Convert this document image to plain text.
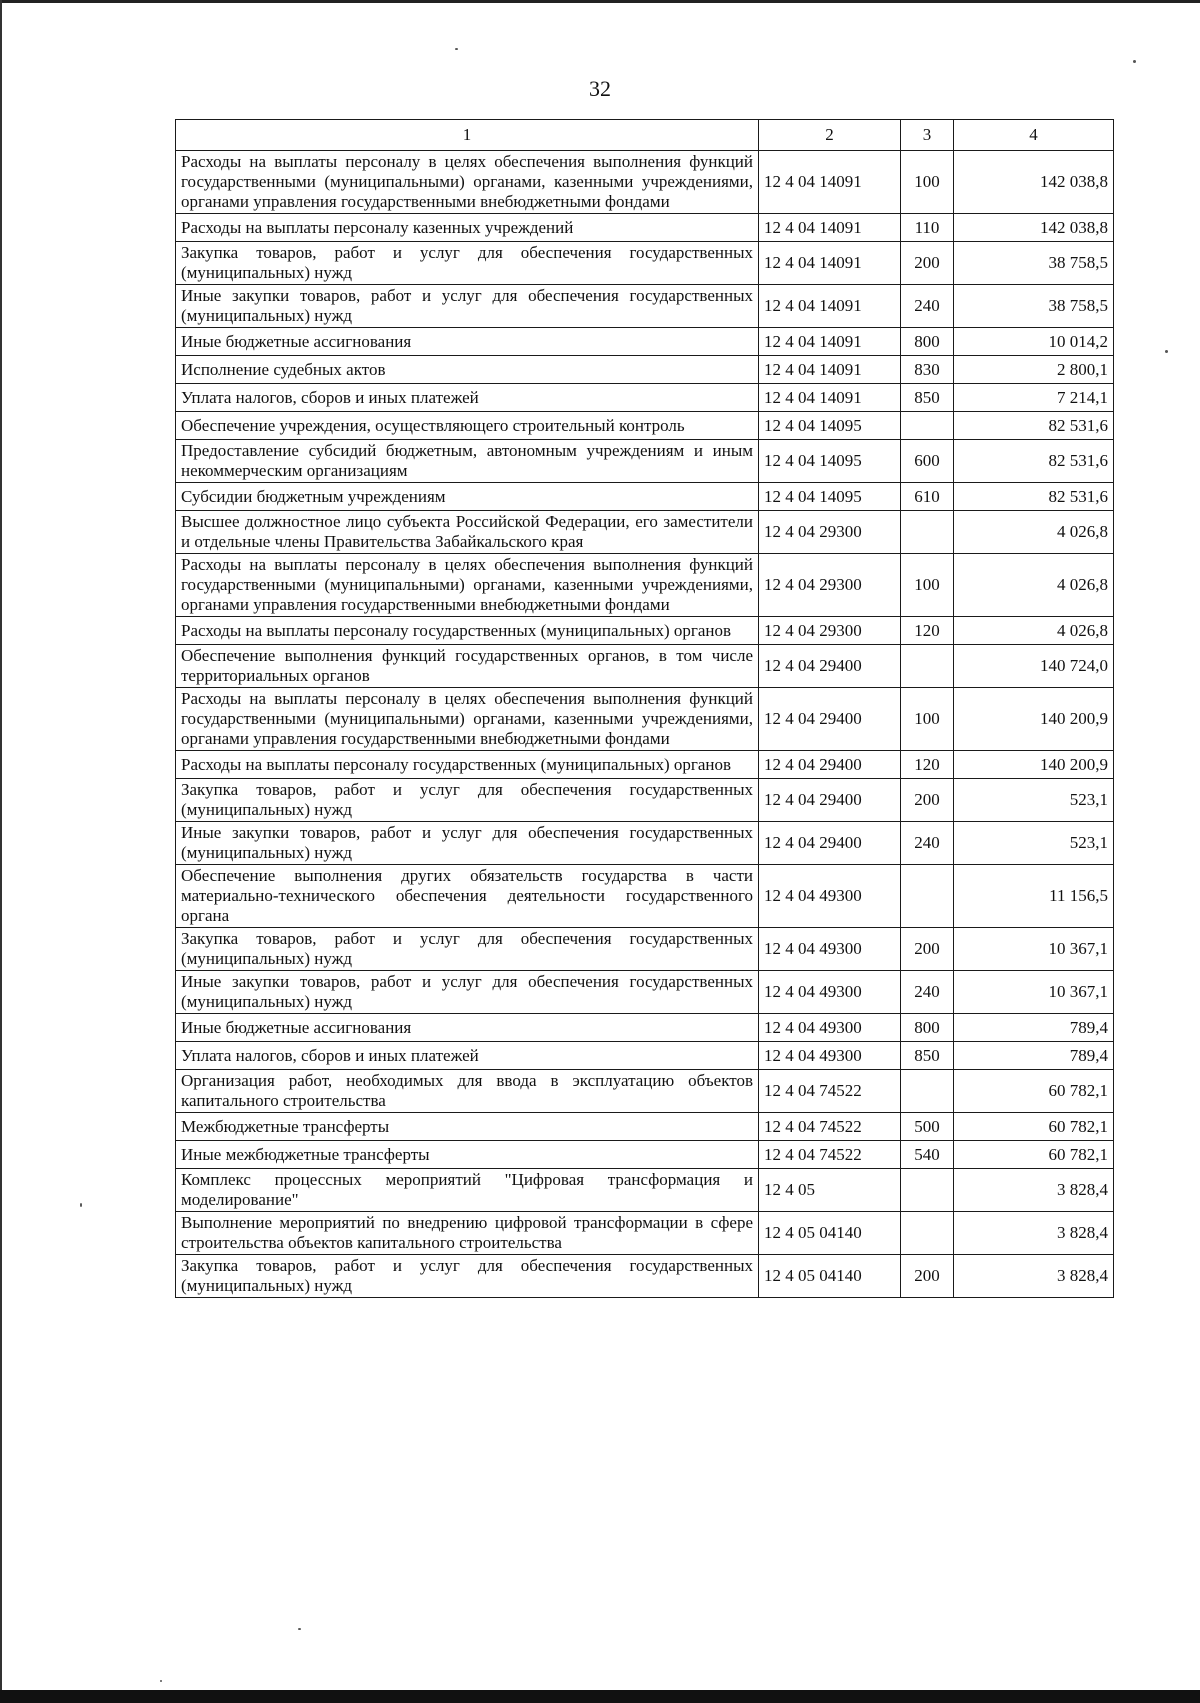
32
1	2	3	4
Расходы на выплаты персоналу в целях обеспечения выполнения функций государственными (муниципальными) органами, казенными учреждениями, органами управления государственными внебюджетными фондами	12 4 04 14091	100	142 038,8
Расходы на выплаты персоналу казенных учреждений	12 4 04 14091	110	142 038,8
Закупка товаров, работ и услуг для обеспечения государственных (муниципальных) нужд	12 4 04 14091	200	38 758,5
Иные закупки товаров, работ и услуг для обеспечения государственных (муниципальных) нужд	12 4 04 14091	240	38 758,5
Иные бюджетные ассигнования	12 4 04 14091	800	10 014,2
Исполнение судебных актов	12 4 04 14091	830	2 800,1
Уплата налогов, сборов и иных платежей	12 4 04 14091	850	7 214,1
Обеспечение учреждения, осуществляющего строительный контроль	12 4 04 14095		82 531,6
Предоставление субсидий бюджетным, автономным учреждениям и иным некоммерческим организациям	12 4 04 14095	600	82 531,6
Субсидии бюджетным учреждениям	12 4 04 14095	610	82 531,6
Высшее должностное лицо субъекта Российской Федерации, его заместители и отдельные члены Правительства Забайкальского края	12 4 04 29300		4 026,8
Расходы на выплаты персоналу в целях обеспечения выполнения функций государственными (муниципальными) органами, казенными учреждениями, органами управления государственными внебюджетными фондами	12 4 04 29300	100	4 026,8
Расходы на выплаты персоналу государственных (муниципальных) органов	12 4 04 29300	120	4 026,8
Обеспечение выполнения функций государственных органов, в том числе территориальных органов	12 4 04 29400		140 724,0
Расходы на выплаты персоналу в целях обеспечения выполнения функций государственными (муниципальными) органами, казенными учреждениями, органами управления государственными внебюджетными фондами	12 4 04 29400	100	140 200,9
Расходы на выплаты персоналу государственных (муниципальных) органов	12 4 04 29400	120	140 200,9
Закупка товаров, работ и услуг для обеспечения государственных (муниципальных) нужд	12 4 04 29400	200	523,1
Иные закупки товаров, работ и услуг для обеспечения государственных (муниципальных) нужд	12 4 04 29400	240	523,1
Обеспечение выполнения других обязательств государства в части материально-технического обеспечения деятельности государственного органа	12 4 04 49300		11 156,5
Закупка товаров, работ и услуг для обеспечения государственных (муниципальных) нужд	12 4 04 49300	200	10 367,1
Иные закупки товаров, работ и услуг для обеспечения государственных (муниципальных) нужд	12 4 04 49300	240	10 367,1
Иные бюджетные ассигнования	12 4 04 49300	800	789,4
Уплата налогов, сборов и иных платежей	12 4 04 49300	850	789,4
Организация работ, необходимых для ввода в эксплуатацию объектов капитального строительства	12 4 04 74522		60 782,1
Межбюджетные трансферты	12 4 04 74522	500	60 782,1
Иные межбюджетные трансферты	12 4 04 74522	540	60 782,1
Комплекс процессных мероприятий "Цифровая трансформация и моделирование"	12 4 05		3 828,4
Выполнение мероприятий по внедрению цифровой трансформации в сфере строительства объектов капитального строительства	12 4 05 04140		3 828,4
Закупка товаров, работ и услуг для обеспечения государственных (муниципальных) нужд	12 4 05 04140	200	3 828,4
